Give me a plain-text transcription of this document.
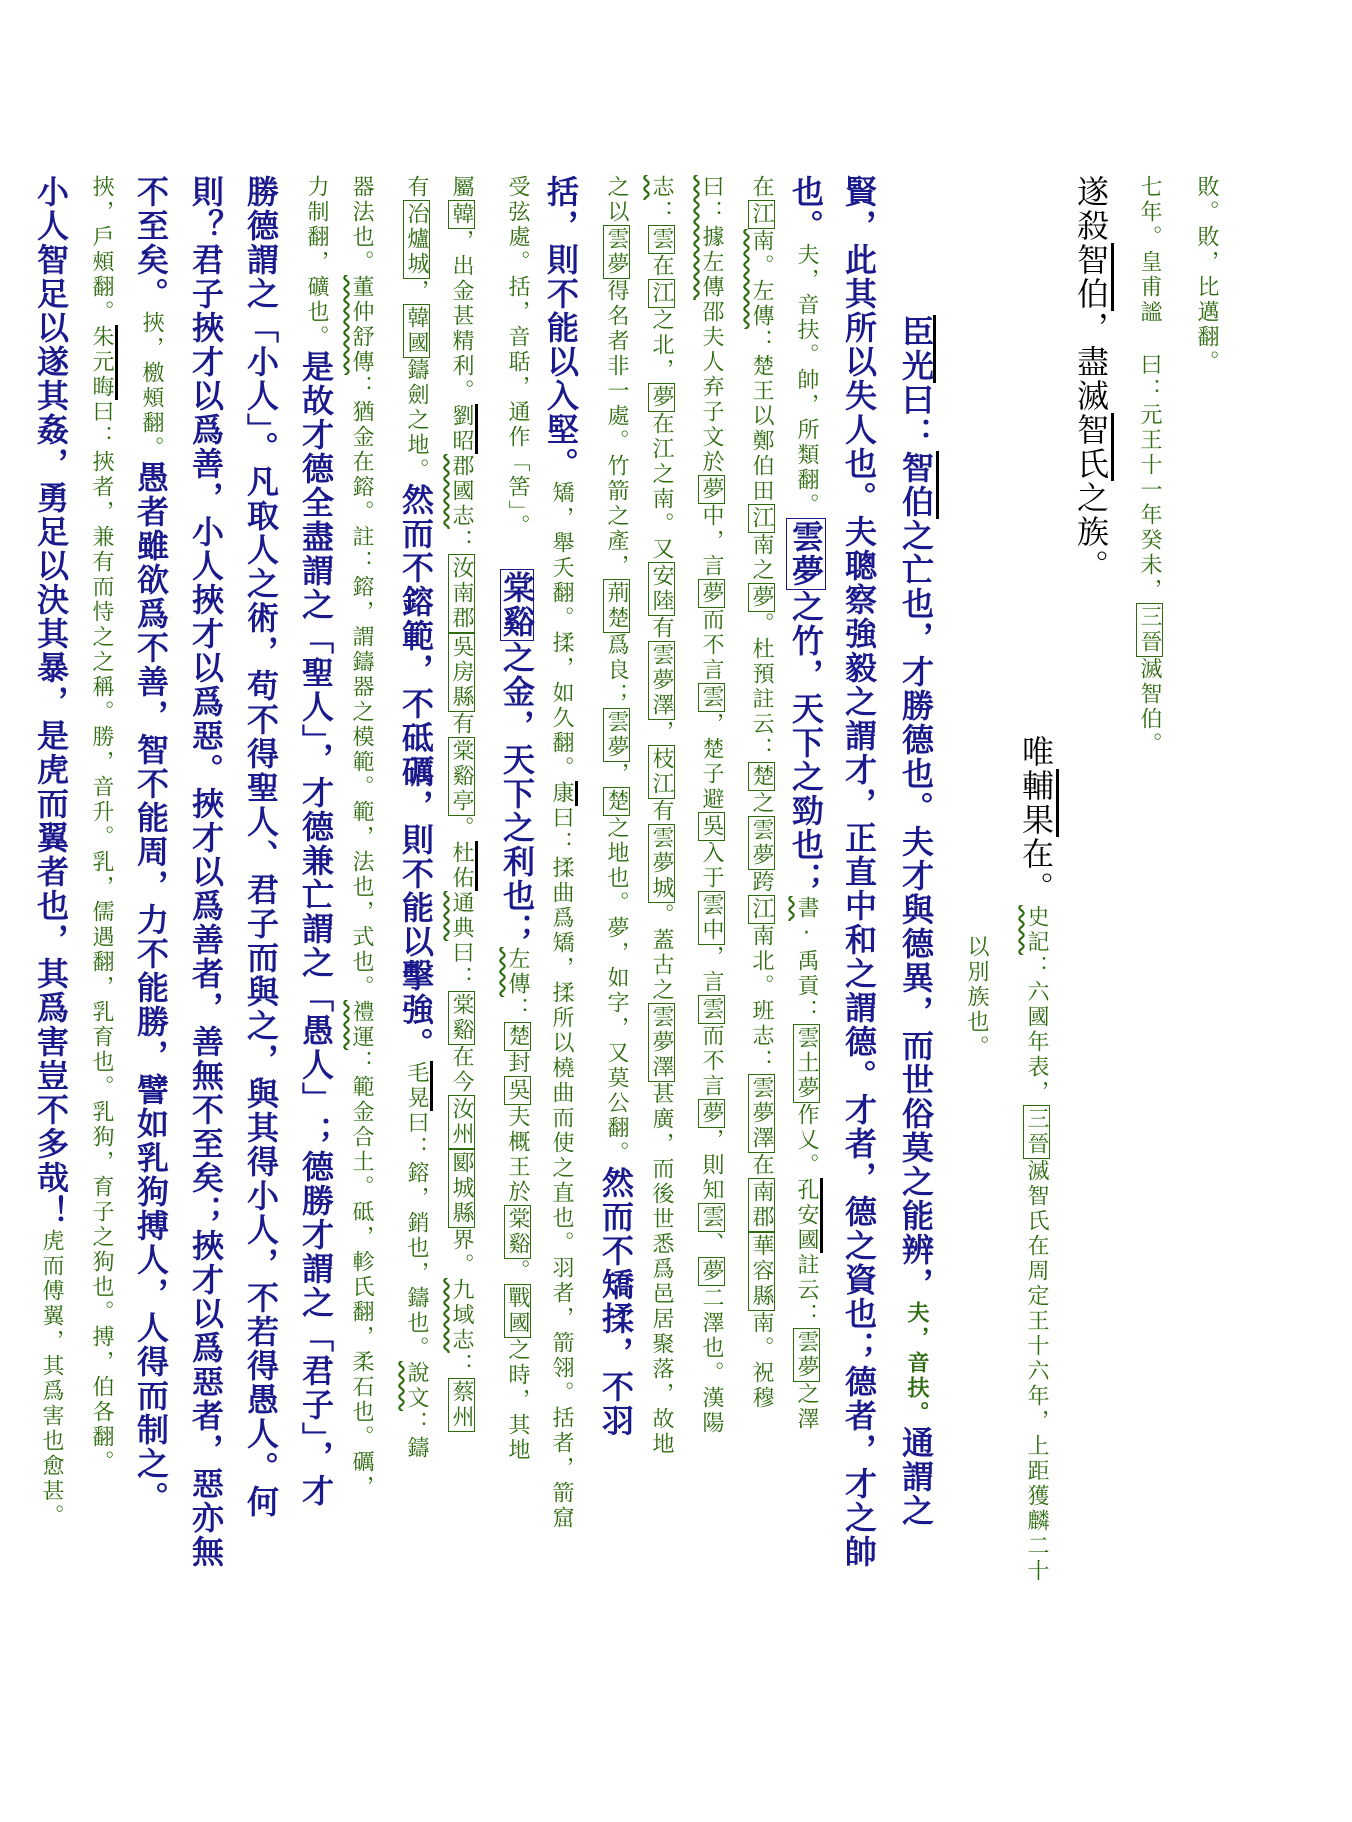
敗。敗，比邁翻。
七年。皇甫謐 曰：元王十一年癸未，三晉滅智伯。
遂殺智伯，盡滅智氏之族。
唯輔果在。史記：六國年表，三晉滅智氏在周定王十六年，上距獲麟二十
以別族也。
臣光曰：智伯之亡也，才勝德也。夫才與德異，而世俗莫之能辨，夫，音扶。通謂之
賢，此其所以失人也。夫聰察強毅之謂才，正直中和之謂德。才者，德之資也；德者，才之帥
也。夫，音扶。帥，所類翻。雲夢之竹，天下之勁也；書·禹貢：雲土夢作乂。孔安國註云：雲夢之澤
在江南。左傳：楚王以鄭伯田江南之夢。杜預註云：楚之雲夢跨江南北。班志：雲夢澤在南郡華容縣南。祝穆
曰：據左傳邵夫人弃子文於夢中，言夢而不言雲，楚子避吳入于雲中，言雲而不言夢，則知雲、夢二澤也。漢陽
志：雲在江之北，夢在江之南。又安陸有雲夢澤，枝江有雲夢城。蓋古之雲夢澤甚廣，而後世悉爲邑居聚落，故地
之以雲夢得名者非一處。竹箭之產，荊楚爲良；雲夢，楚之地也。夢，如字，又莫公翻。然而不矯揉，不羽
括，則不能以入堅。矯，舉夭翻。揉，如久翻。康曰：揉曲爲矯，揉所以橈曲而使之直也。羽者，箭翎。括者，箭窟
受弦處。括，音聒，通作「筈」。棠谿之金，天下之利也；左傳：楚封吳夫概王於棠谿。戰國之時，其地
屬韓，出金甚精利。劉昭郡國志：汝南郡吳房縣有棠谿亭。杜佑通典曰：棠谿在今汝州郾城縣界。九域志：蔡州
有冶爐城，韓國鑄劍之地。然而不鎔範，不砥礪，則不能以擊強。毛晃曰：鎔，銷也，鑄也。說文：鑄
器法也。董仲舒傳：猶金在鎔。註：鎔，謂鑄器之模範。範，法也，式也。禮運：範金合土。砥，軫氏翻，柔石也。礪，
力制翻，礦也。是故才德全盡謂之「聖人」，才德兼亡謂之「愚人」；德勝才謂之「君子」，才
勝德謂之「小人」。凡取人之術，苟不得聖人、君子而與之，與其得小人，不若得愚人。何
則？君子挾才以爲善，小人挾才以爲惡。挾才以爲善者，善無不至矣；挾才以爲惡者，惡亦無
不至矣。挾，檄頰翻。愚者雖欲爲不善，智不能周，力不能勝，譬如乳狗搏人，人得而制之。
挾，戶頰翻。朱元晦曰：挾者，兼有而恃之之稱。勝，音升。乳，儒遇翻，乳育也。乳狗，育子之狗也。搏，伯各翻。
小人智足以遂其姦，勇足以決其暴，是虎而翼者也，其爲害豈不多哉！虎而傅翼，其爲害也愈甚。
